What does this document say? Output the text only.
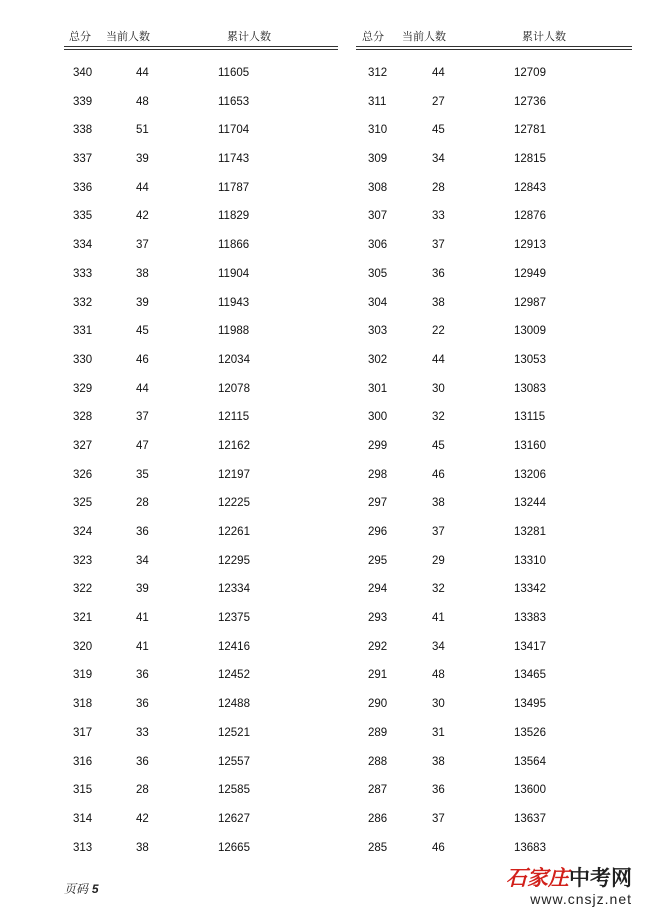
总分 当前人数	累计人数
340	44	11605
339	48	11653
338	51	11704
337	39	11743
336	44	11787
335	42	11829
334	37	11866
333	38	11904
332	39	11943
331	45	11988
330	46	12034
329	44	12078
328	37	12115
327	47	12162
326	35	12197
325	28	12225
324	36	12261
323	34	12295
322	39	12334
321	41	12375
320	41	12416
319	36	12452
318	36	12488
317	33	12521
316	36	12557
315	28	12585
314	42	12627
313	38	12665
总分 当前人数	累计人数
312	44	12709
311	27	12736
310	45	12781
309	34	12815
308	28	12843
307	33	12876
306	37	12913
305	36	12949
304	38	12987
303	22	13009
302	44	13053
301	30	13083
300	32	13115
299	45	13160
298	46	13206
297	38	13244
296	37	13281
295	29	13310
294	32	13342
293	41	13383
292	34	13417
291	48	13465
290	30	13495
289	31	13526
288	38	13564
287	36	13600
286	37	13637
285	46	13683
页码 5	石家庄中考网
www.cnsjz.net
